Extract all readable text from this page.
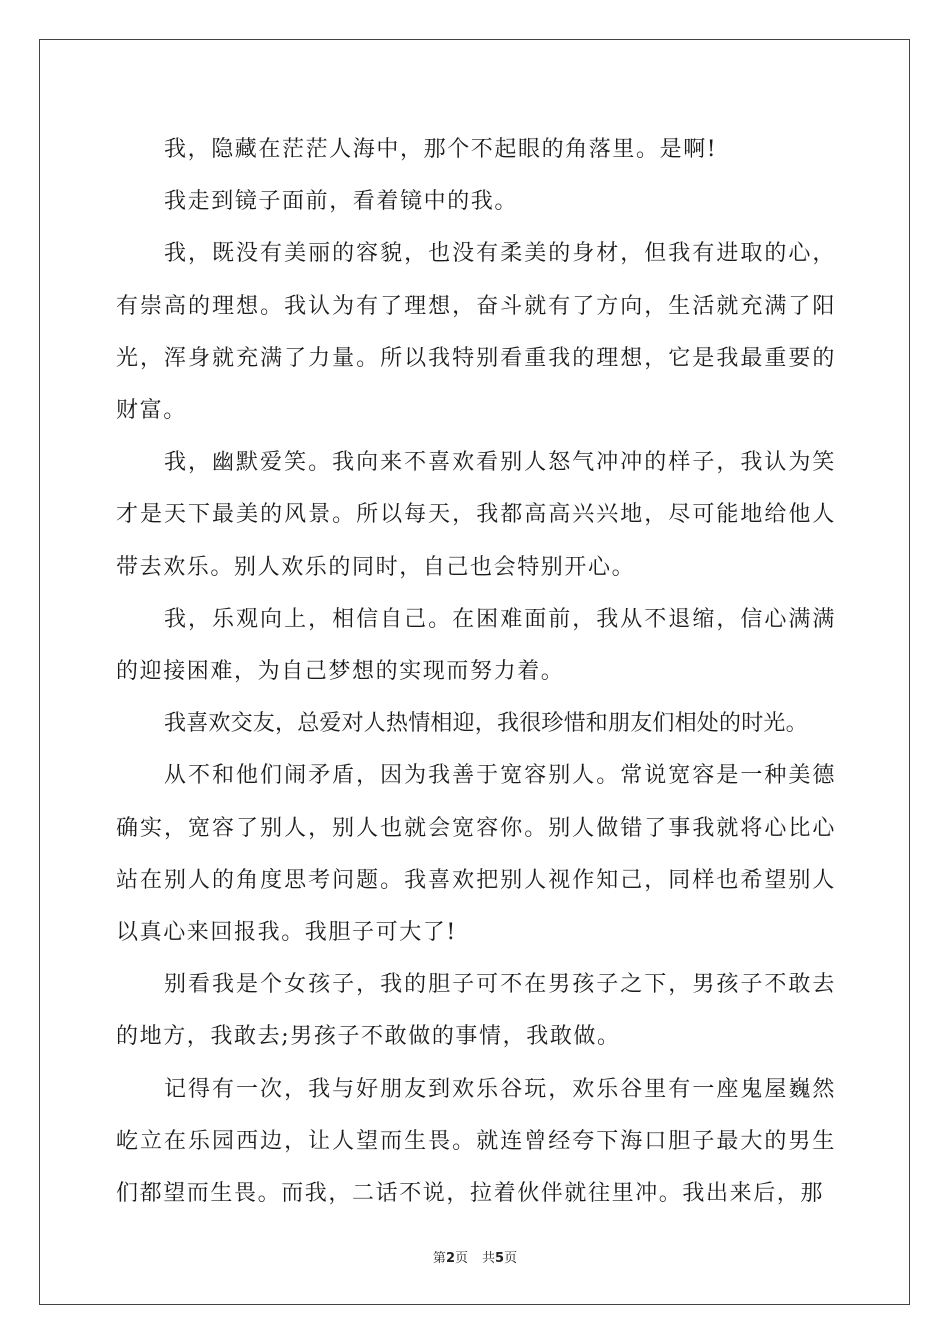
我，隐藏在茫茫人海中，那个不起眼的角落里。是啊!

我走到镜子面前，看着镜中的我。

我，既没有美丽的容貌，也没有柔美的身材，但我有进取的心，有崇高的理想。我认为有了理想，奋斗就有了方向，生活就充满了阳光，浑身就充满了力量。所以我特别看重我的理想，它是我最重要的财富。

我，幽默爱笑。我向来不喜欢看别人怒气冲冲的样子，我认为笑才是天下最美的风景。所以每天，我都高高兴兴地，尽可能地给他人带去欢乐。别人欢乐的同时，自己也会特别开心。

我，乐观向上，相信自己。在困难面前，我从不退缩，信心满满的迎接困难，为自己梦想的实现而努力着。

我喜欢交友，总爱对人热情相迎，我很珍惜和朋友们相处的时光。

从不和他们闹矛盾，因为我善于宽容别人。常说宽容是一种美德确实，宽容了别人，别人也就会宽容你。别人做错了事我就将心比心站在别人的角度思考问题。我喜欢把别人视作知己，同样也希望别人以真心来回报我。我胆子可大了!

别看我是个女孩子，我的胆子可不在男孩子之下，男孩子不敢去的地方，我敢去;男孩子不敢做的事情，我敢做。

记得有一次，我与好朋友到欢乐谷玩，欢乐谷里有一座鬼屋巍然屹立在乐园西边，让人望而生畏。就连曾经夸下海口胆子最大的男生们都望而生畏。而我，二话不说，拉着伙伴就往里冲。我出来后，那

第2页 共5页
